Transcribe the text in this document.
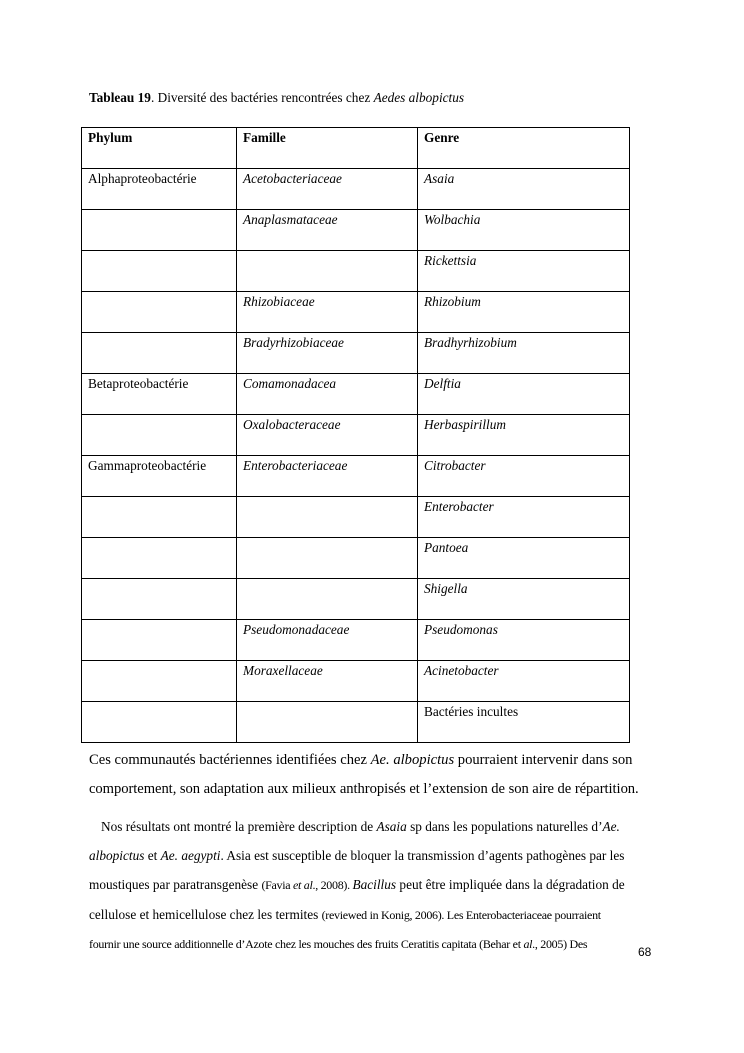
Tableau 19. Diversité des bactéries rencontrées chez Aedes albopictus
Phylum	Famille	Genre
Alphaproteobactérie	Acetobacteriaceae	Asaia
	Anaplasmataceae	Wolbachia
		Rickettsia
	Rhizobiaceae	Rhizobium
	Bradyrhizobiaceae	Bradhyrhizobium
Betaproteobactérie	Comamonadacea	Delftia
	Oxalobacteraceae	Herbaspirillum
Gammaproteobactérie	Enterobacteriaceae	Citrobacter
		Enterobacter
		Pantoea
		Shigella
	Pseudomonadaceae	Pseudomonas
	Moraxellaceae	Acinetobacter
		Bactéries incultes
Ces communautés bactériennes identifiées chez Ae. albopictus pourraient intervenir dans son
comportement, son adaptation aux milieux anthropisés et l’extension de son aire de répartition.
Nos résultats ont montré la première description de Asaia sp dans les populations naturelles d’Ae.
albopictus et Ae. aegypti. Asia est susceptible de bloquer la transmission d’agents pathogènes par les
moustiques par paratransgenèse (Favia et al., 2008). Bacillus peut être impliquée dans la dégradation de
cellulose et hemicellulose chez les termites (reviewed in Konig, 2006). Les Enterobacteriaceae pourraient
fournir une source additionnelle d’Azote chez les mouches des fruits Ceratitis capitata (Behar et al., 2005) Des
68
